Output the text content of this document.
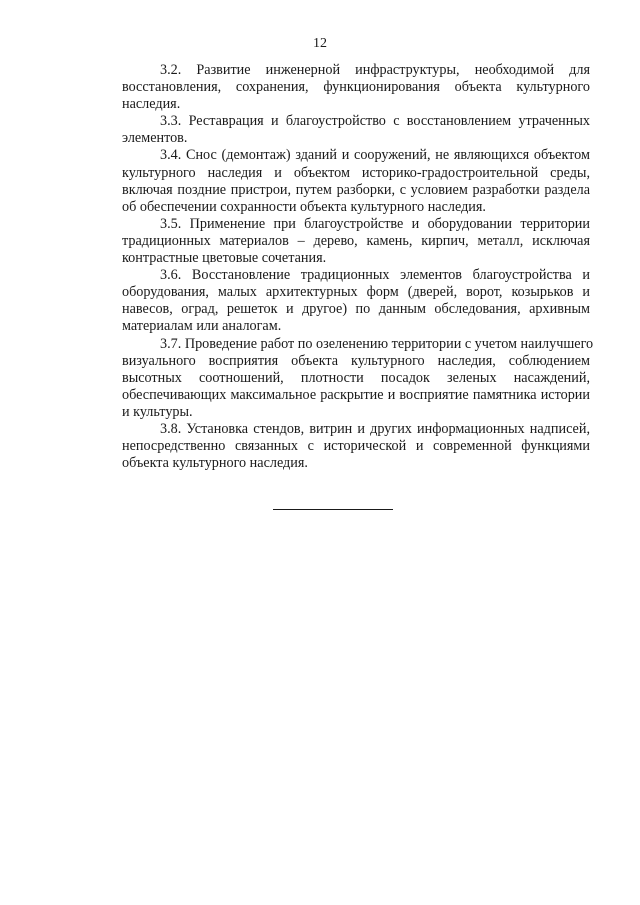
12

3.2. Развитие инженерной инфраструктуры, необходимой для
восстановления, сохранения, функционирования объекта культурного
наследия.

3.3. Реставрация и благоустройство с восстановлением утраченных
элементов.

3.4. Снос (демонтаж) зданий и сооружений, не являющихся объектом
культурного наследия и объектом историко-градостроительной среды,
включая поздние пристрои, путем разборки, с условием разработки раздела
об обеспечении сохранности объекта культурного наследия.

3.5. Применение при благоустройстве и оборудовании территории
традиционных материалов – дерево, камень, кирпич, металл, исключая
контрастные цветовые сочетания.

3.6. Восстановление традиционных элементов благоустройства и
оборудования, малых архитектурных форм (дверей, ворот, козырьков и
навесов, оград, решеток и другое) по данным обследования, архивным
материалам или аналогам.

3.7. Проведение работ по озеленению территории с учетом наилучшего
визуального восприятия объекта культурного наследия, соблюдением
высотных соотношений, плотности посадок зеленых насаждений,
обеспечивающих максимальное раскрытие и восприятие памятника истории
и культуры.

3.8. Установка стендов, витрин и других информационных надписей,
непосредственно связанных с исторической и современной функциями
объекта культурного наследия.
